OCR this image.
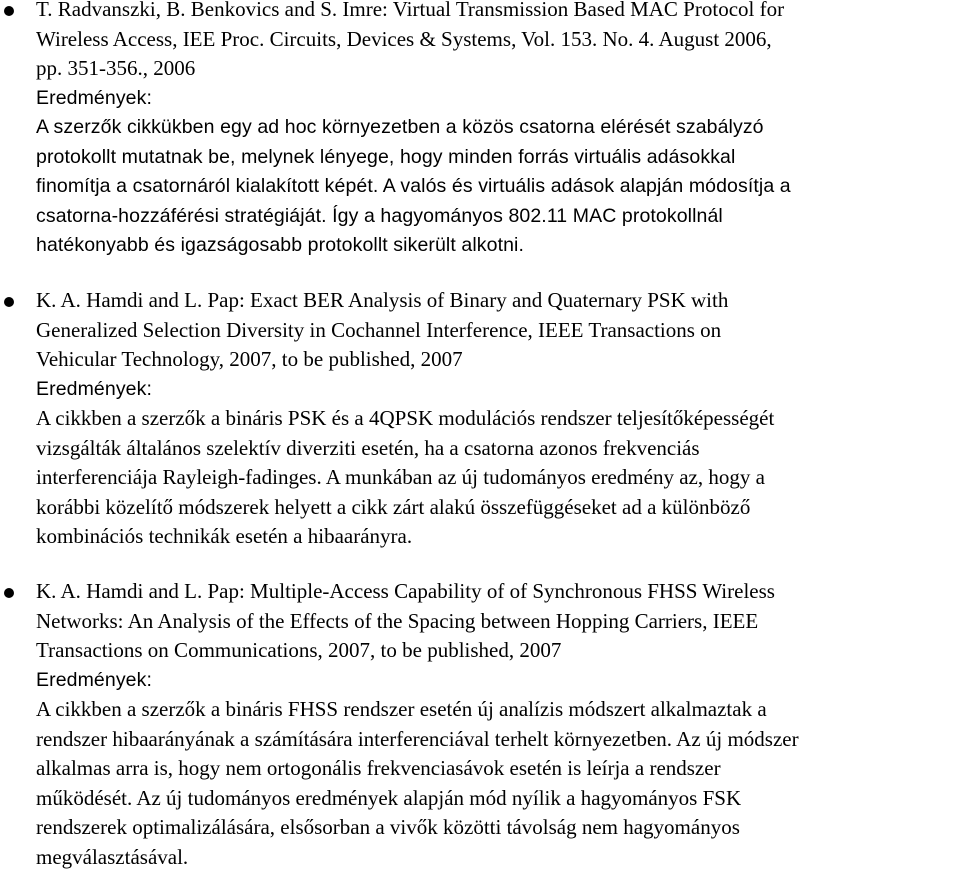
T. Radvanszki, B. Benkovics and S. Imre: Virtual Transmission Based MAC Protocol for
Wireless Access, IEE Proc. Circuits, Devices & Systems, Vol. 153. No. 4. August 2006,
pp. 351-356., 2006
Eredmények:
A szerzők cikkükben egy ad hoc környezetben a közös csatorna elérését szabályzó
protokollt mutatnak be, melynek lényege, hogy minden forrás virtuális adásokkal
finomítja a csatornáról kialakított képét. A valós és virtuális adások alapján módosítja a
csatorna-hozzáférési stratégiáját. Így a hagyományos 802.11 MAC protokollnál
hatékonyabb és igazságosabb protokollt sikerült alkotni.
K. A. Hamdi and L. Pap: Exact BER Analysis of Binary and Quaternary PSK with
Generalized Selection Diversity in Cochannel Interference, IEEE Transactions on
Vehicular Technology, 2007, to be published, 2007
Eredmények:
A cikkben a szerzők a bináris PSK és a 4QPSK modulációs rendszer teljesítőképességét
vizsgálták általános szelektív diverziti esetén, ha a csatorna azonos frekvenciás
interferenciája Rayleigh-fadinges. A munkában az új tudományos eredmény az, hogy a
korábbi közelítő módszerek helyett a cikk zárt alakú összefüggéseket ad a különböző
kombinációs technikák esetén a hibaarányra.
K. A. Hamdi and L. Pap: Multiple-Access Capability of of Synchronous FHSS Wireless
Networks: An Analysis of the Effects of the Spacing between Hopping Carriers, IEEE
Transactions on Communications, 2007, to be published, 2007
Eredmények:
A cikkben a szerzők a bináris FHSS rendszer esetén új analízis módszert alkalmaztak a
rendszer hibaarányának a számítására interferenciával terhelt környezetben. Az új módszer
alkalmas arra is, hogy nem ortogonális frekvenciasávok esetén is leírja a rendszer
működését. Az új tudományos eredmények alapján mód nyílik a hagyományos FSK
rendszerek optimalizálására, elsősorban a vivők közötti távolság nem hagyományos
megválasztásával.
